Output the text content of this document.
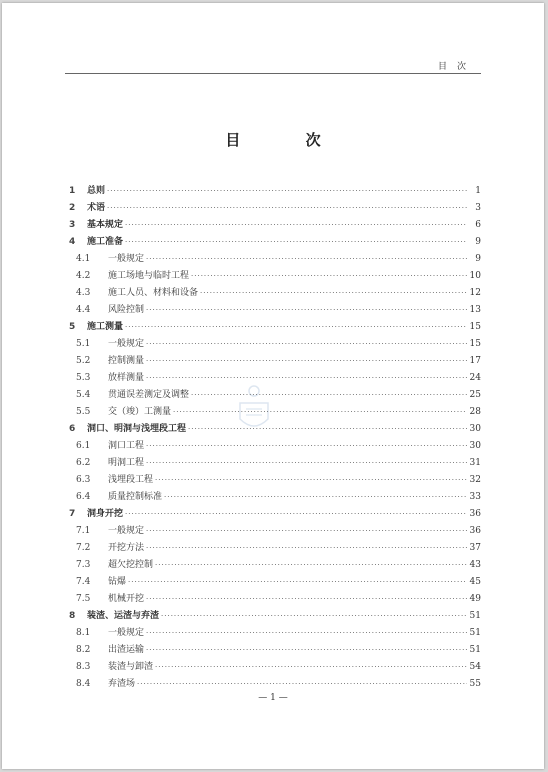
目次
目 次
1	总则 ·····	1
2	术语 ·····	3
3	基本规定 ·····	6
4	施工准备 ·····	9
4.1	一般规定 ·····	9
4.2	施工场地与临时工程 ·····	10
4.3	施工人员、材料和设备 ·····	12
4.4	风险控制 ·····	13
5	施工测量 ·····	15
5.1	一般规定 ·····	15
5.2	控制测量 ·····	17
5.3	放样测量 ·····	24
5.4	贯通误差测定及调整 ·····	25
5.5	交（竣）工测量 ·····	28
6	洞口、明洞与浅埋段工程 ·····	30
6.1	洞口工程 ·····	30
6.2	明洞工程 ·····	31
6.3	浅埋段工程 ·····	32
6.4	质量控制标准 ·····	33
7	洞身开挖 ·····	36
7.1	一般规定 ·····	36
7.2	开挖方法 ·····	37
7.3	超欠挖控制 ·····	43
7.4	钻爆 ·····	45
7.5	机械开挖 ·····	49
8	装渣、运渣与弃渣 ·····	51
8.1	一般规定 ·····	51
8.2	出渣运输 ·····	51
8.3	装渣与卸渣 ·····	54
8.4	弃渣场 ·····	55
— 1 —
